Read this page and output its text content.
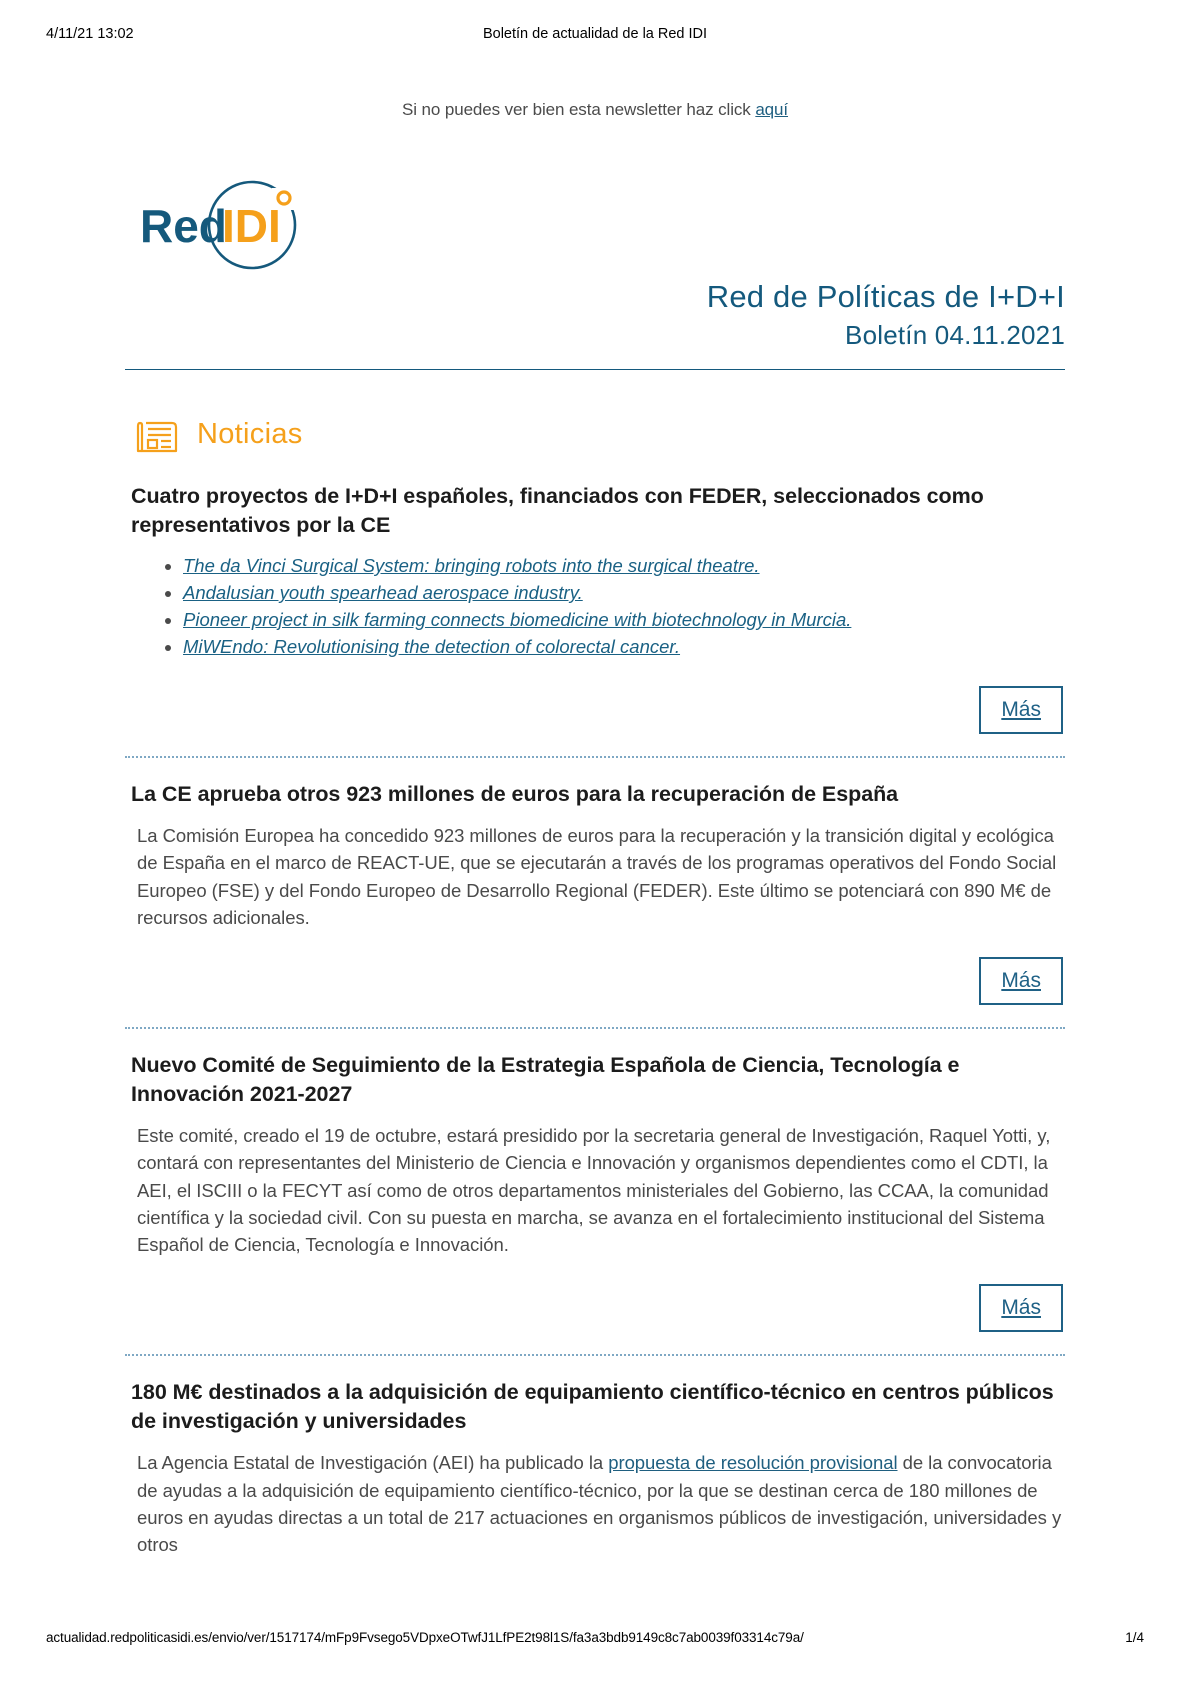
4/11/21 13:02	Boletín de actualidad de la Red IDI
Si no puedes ver bien esta newsletter haz click aquí
Red
IDI
Red de Políticas de I+D+I
Boletín 04.11.2021
Noticias
Cuatro proyectos de I+D+I españoles, financiados con FEDER, seleccionados como representativos por la CE
• The da Vinci Surgical System: bringing robots into the surgical theatre.
• Andalusian youth spearhead aerospace industry.
• Pioneer project in silk farming connects biomedicine with biotechnology in Murcia.
• MiWEndo: Revolutionising the detection of colorectal cancer.
Más
La CE aprueba otros 923 millones de euros para la recuperación de España

La Comisión Europea ha concedido 923 millones de euros para la recuperación y la transición digital y ecológica de España en el marco de REACT-UE, que se ejecutarán a través de los programas operativos del Fondo Social Europeo (FSE) y del Fondo Europeo de Desarrollo Regional (FEDER). Este último se potenciará con 890 M€ de recursos adicionales.

Más
Nuevo Comité de Seguimiento de la Estrategia Española de Ciencia, Tecnología e Innovación 2021-2027

Este comité, creado el 19 de octubre, estará presidido por la secretaria general de Investigación, Raquel Yotti, y, contará con representantes del Ministerio de Ciencia e Innovación y organismos dependientes como el CDTI, la AEI, el ISCIII o la FECYT así como de otros departamentos ministeriales del Gobierno, las CCAA, la comunidad científica y la sociedad civil. Con su puesta en marcha, se avanza en el fortalecimiento institucional del Sistema Español de Ciencia, Tecnología e Innovación.

Más
180 M€ destinados a la adquisición de equipamiento científico-técnico en centros públicos de investigación y universidades

La Agencia Estatal de Investigación (AEI) ha publicado la propuesta de resolución provisional de la convocatoria de ayudas a la adquisición de equipamiento científico-técnico, por la que se destinan cerca de 180 millones de euros en ayudas directas a un total de 217 actuaciones en organismos públicos de investigación, universidades y otros

actualidad.redpoliticasidi.es/envio/ver/1517174/mFp9Fvsego5VDpxeOTwfJ1LfPE2t98l1S/fa3a3bdb9149c8c7ab0039f03314c79a/	1/4
